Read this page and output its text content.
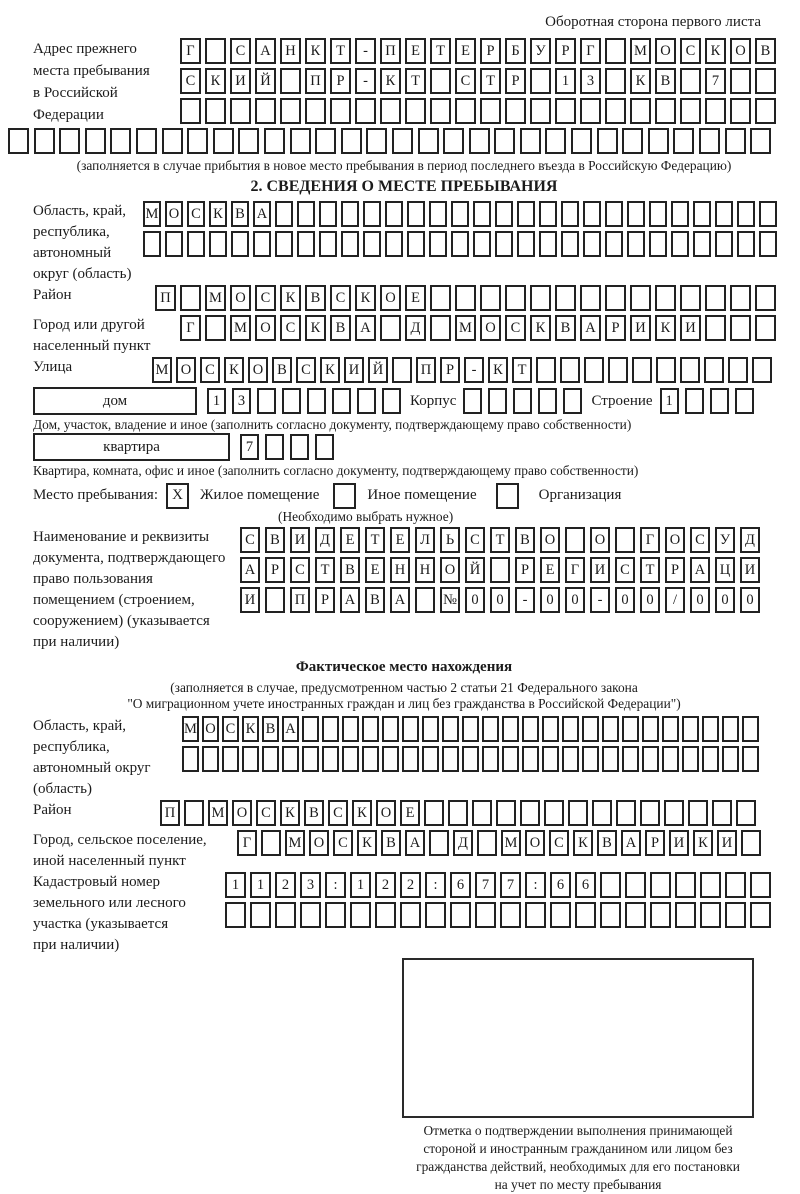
Оборотная сторона первого листа
Адрес прежнего
места пребывания
в Российской
Федерации
Г	С	А	Н	К	Т	-	П	Е	Т	Е	Р	Б	У	Р	Г	М О	С	К	О	В
С	К	И	Й	П	Р	-	К	Т	С	Т	Р	1	3	К	В	7
(заполняется в случае прибытия в новое место пребывания в период последнего въезда в Российскую Федерацию)
2. СВЕДЕНИЯ О МЕСТЕ ПРЕБЫВАНИЯ
Область, край,
республика,
автономный
округ (область)
М О С К В А
Район	П	М О	С	К	В	С	К	О	Е
Город или другой
населенный пункт
Г	М О	С	К	В	А	Д	М О	С	К	В	А	Р	И	К	И
Улица	М О С К О В С К И Й	П	Р	-	К	Т
дом	1	3	Корпус	Строение 1
Дом, участок, владение и иное (заполнить согласно документу, подтверждающему право собственности)
квартира	7
Квартира, комната, офис и иное (заполнить согласно документу, подтверждающему право собственности)
Место пребывания: X	Жилое помещение	Иное помещение	Организация
(Необходимо выбрать нужное)
Наименование и реквизиты
документа, подтверждающего
право пользования
помещением (строением,
сооружением) (указывается
при наличии)
С	В	И	Д	Е	Т	Е	Л	Ь	С	Т	В	О	О	Г	О	С	У	Д
А	Р	С	Т	В	Е	Н	Н	О	Й	Р	Е	Г	И	С	Т	Р	А	Ц	И
И	П	Р	А	В	А	№ 0	0	-	0	0	-	0	0	/	0	0	0
Фактическое место нахождения
(заполняется в случае, предусмотренном частью 2 статьи 21 Федерального закона
"О миграционном учете иностранных граждан и лиц без гражданства в Российской Федерации")
Область, край,
республика,
автономный округ
(область)
М О С К В А
Район	П	М О С К В С К О Е
Город, сельское поселение,
иной населенный пункт
Г	М О С К В А	Д	М О С К В А	Р	И К И
Кадастровый номер
земельного или лесного
участка (указывается
при наличии)
1	1	2	3	:	1	2	2	:	6	7	7	:	6	6
Отметка о подтверждении выполнения принимающей
стороной и иностранным гражданином или лицом без
гражданства действий, необходимых для его постановки
на учет по месту пребывания
